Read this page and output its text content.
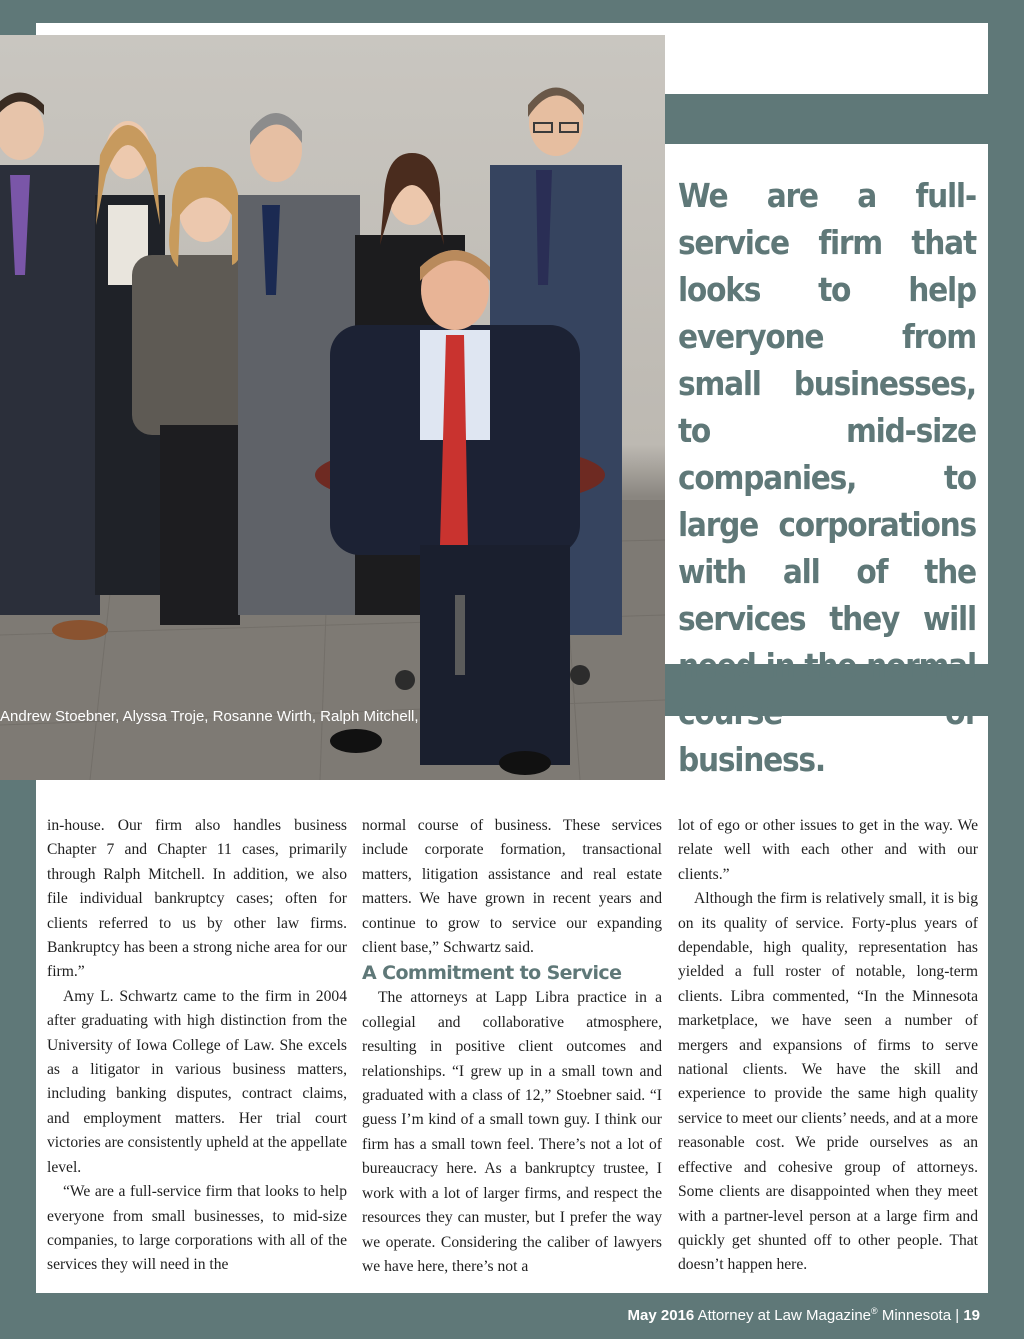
Andrew Stoebner, Alyssa Troje, Rosanne Wirth, Ralph Mitchell,
We are a full-service firm that looks to help everyone from small businesses, to mid-size companies, to large corporations with all of the services they will need in the normal course of business.

in-house. Our firm also handles business Chapter 7 and Chapter 11 cases, primarily through Ralph Mitchell. In addition, we also file individual bankruptcy cases; often for clients referred to us by other law firms. Bankruptcy has been a strong niche area for our firm.”

Amy L. Schwartz came to the firm in 2004 after graduating with high distinction from the University of Iowa College of Law. She excels as a litigator in various business matters, including banking disputes, contract claims, and employment matters. Her trial court victories are consistently upheld at the appellate level.

“We are a full-service firm that looks to help everyone from small businesses, to mid-size companies, to large corporations with all of the services they will need in the

normal course of business. These services include corporate formation, transactional matters, litigation assistance and real estate matters. We have grown in recent years and continue to grow to service our expanding client base,” Schwartz said.

A Commitment to Service

The attorneys at Lapp Libra practice in a collegial and collaborative atmosphere, resulting in positive client outcomes and relationships. “I grew up in a small town and graduated with a class of 12,” Stoebner said. “I guess I’m kind of a small town guy. I think our firm has a small town feel. There’s not a lot of bureaucracy here. As a bankruptcy trustee, I work with a lot of larger firms, and respect the resources they can muster, but I prefer the way we operate. Considering the caliber of lawyers we have here, there’s not a

lot of ego or other issues to get in the way. We relate well with each other and with our clients.”

Although the firm is relatively small, it is big on its quality of service. Forty-plus years of dependable, high quality, representation has yielded a full roster of notable, long-term clients. Libra commented, “In the Minnesota marketplace, we have seen a number of mergers and expansions of firms to serve national clients. We have the skill and experience to provide the same high quality service to meet our clients’ needs, and at a more reasonable cost. We pride ourselves as an effective and cohesive group of attorneys. Some clients are disappointed when they meet with a partner-level person at a large firm and quickly get shunted off to other people. That doesn’t happen here.

May 2016 Attorney at Law Magazine® Minnesota | 19
